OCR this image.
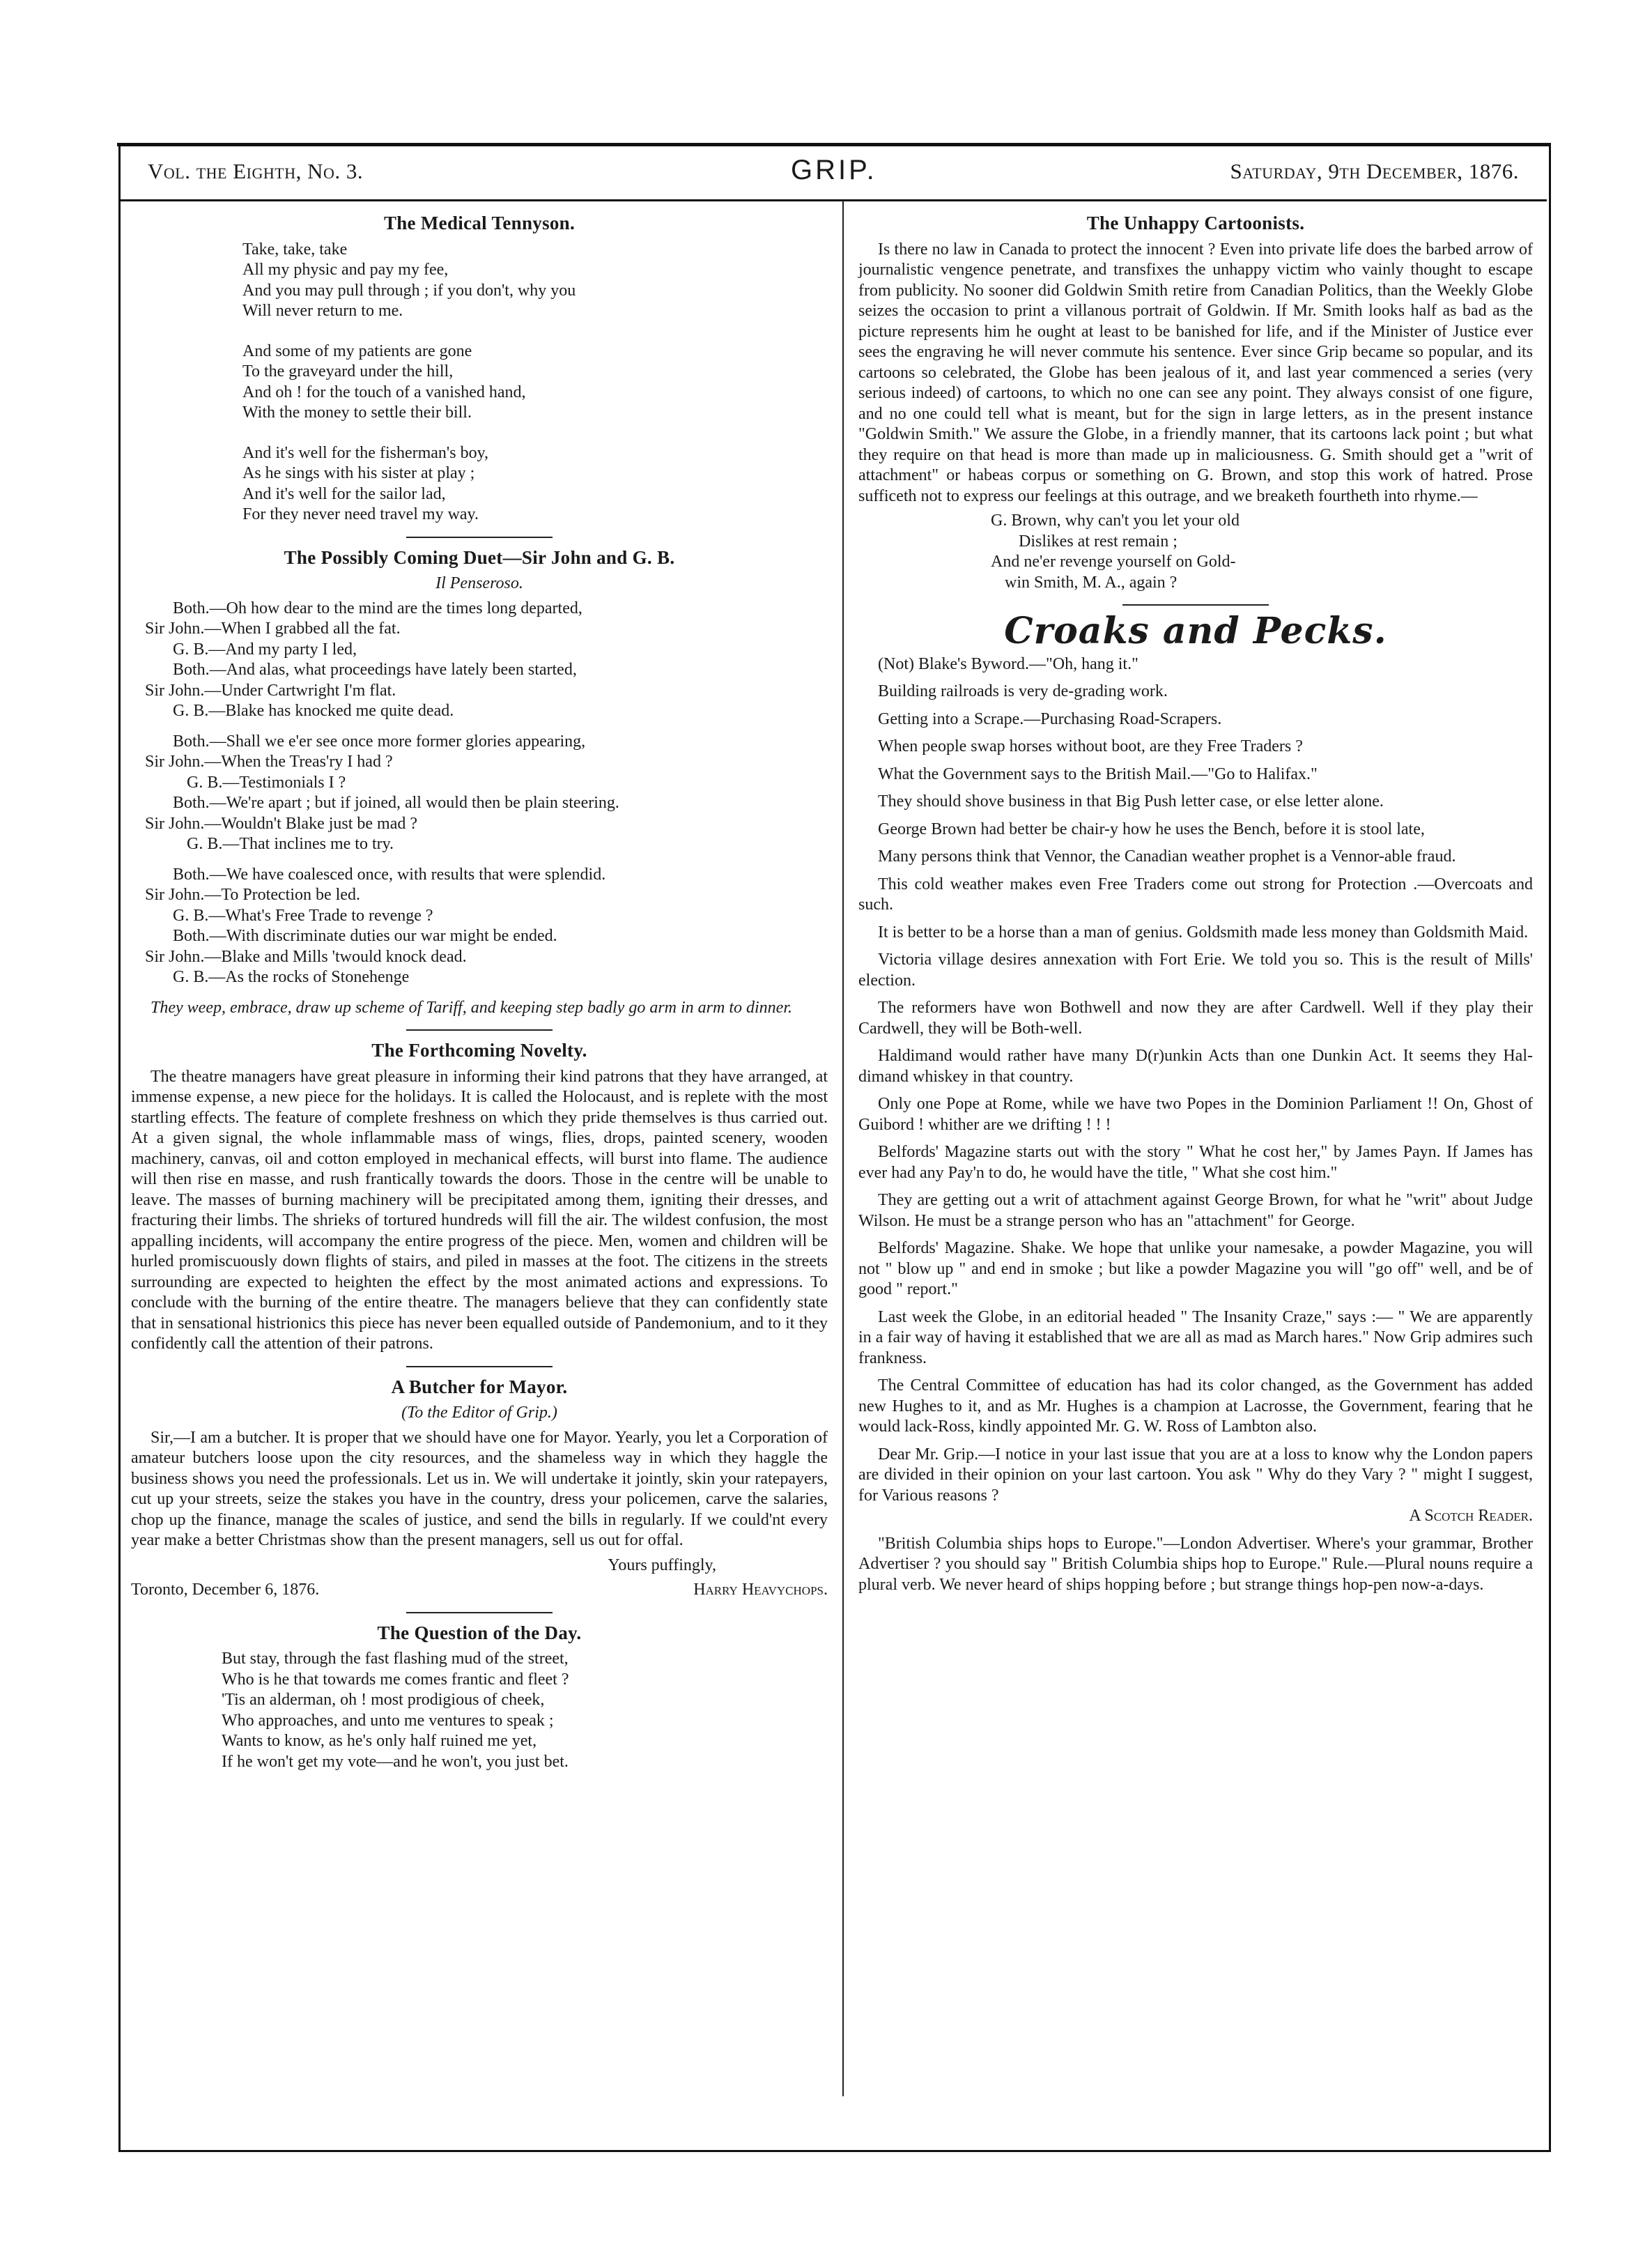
Vol. the Eighth, No. 3.	GRIP.	Saturday, 9th December, 1876.
The Medical Tennyson.
Take, take, take
All my physic and pay my fee,
And you may pull through ; if you don't, why you
Will never return to me.
And some of my patients are gone
To the graveyard under the hill,
And oh ! for the touch of a vanished hand,
With the money to settle their bill.
And it's well for the fisherman's boy,
As he sings with his sister at play ;
And it's well for the sailor lad,
For they never need travel my way.
The Possibly Coming Duet—Sir John and G. B.
Il Penseroso.
Both.—Oh how dear to the mind are the times long departed,
Sir John.—When I grabbed all the fat.
G. B.—And my party I led,
Both.—And alas, what proceedings have lately been started,
Sir John.—Under Cartwright I'm flat.
G. B.—Blake has knocked me quite dead.
Both.—Shall we e'er see once more former glories appearing,
Sir John.—When the Treas'ry I had ?
G. B.—Testimonials I ?
Both.—We're apart ; but if joined, all would then be plain steering.
Sir John.—Wouldn't Blake just be mad ?
G. B.—That inclines me to try.
Both.—We have coalesced once, with results that were splendid.
Sir John.—To Protection be led.
G. B.—What's Free Trade to revenge ?
Both.—With discriminate duties our war might be ended.
Sir John.—Blake and Mills 'twould knock dead.
G. B.—As the rocks of Stonehenge

They weep, embrace, draw up scheme of Tariff, and keeping step badly go arm in arm to dinner.

The Forthcoming Novelty.

The theatre managers have great pleasure in informing their kind patrons that they have arranged, at immense expense, a new piece for the holidays. It is called the Holocaust, and is replete with the most startling effects. The feature of complete freshness on which they pride themselves is thus carried out. At a given signal, the whole inflammable mass of wings, flies, drops, painted scenery, wooden machinery, canvas, oil and cotton employed in mechanical effects, will burst into flame. The audience will then rise en masse, and rush frantically towards the doors. Those in the centre will be unable to leave. The masses of burning machinery will be precipitated among them, igniting their dresses, and fracturing their limbs. The shrieks of tortured hundreds will fill the air. The wildest confusion, the most appalling incidents, will accompany the entire progress of the piece. Men, women and children will be hurled promiscuously down flights of stairs, and piled in masses at the foot. The citizens in the streets surrounding are expected to heighten the effect by the most animated actions and expressions. To conclude with the burning of the entire theatre. The managers believe that they can confidently state that in sensational histrionics this piece has never been equalled outside of Pandemonium, and to it they confidently call the attention of their patrons.

A Butcher for Mayor.
(To the Editor of Grip.)

Sir,—I am a butcher. It is proper that we should have one for Mayor. Yearly, you let a Corporation of amateur butchers loose upon the city resources, and the shameless way in which they haggle the business shows you need the professionals. Let us in. We will undertake it jointly, skin your ratepayers, cut up your streets, seize the stakes you have in the country, dress your policemen, carve the salaries, chop up the finance, manage the scales of justice, and send the bills in regularly. If we could'nt every year make a better Christmas show than the present managers, sell us out for offal.

Yours puffingly,
Toronto, December 6, 1876.	Harry Heavychops.
The Question of the Day.
But stay, through the fast flashing mud of the street,
Who is he that towards me comes frantic and fleet ?
'Tis an alderman, oh ! most prodigious of cheek,
Who approaches, and unto me ventures to speak ;
Wants to know, as he's only half ruined me yet,
If he won't get my vote—and he won't, you just bet.
The Unhappy Cartoonists.

Is there no law in Canada to protect the innocent ? Even into private life does the barbed arrow of journalistic vengence penetrate, and transfixes the unhappy victim who vainly thought to escape from publicity. No sooner did Goldwin Smith retire from Canadian Politics, than the Weekly Globe seizes the occasion to print a villanous portrait of Goldwin. If Mr. Smith looks half as bad as the picture represents him he ought at least to be banished for life, and if the Minister of Justice ever sees the engraving he will never commute his sentence. Ever since Grip became so popular, and its cartoons so celebrated, the Globe has been jealous of it, and last year commenced a series (very serious indeed) of cartoons, to which no one can see any point. They always consist of one figure, and no one could tell what is meant, but for the sign in large letters, as in the present instance "Goldwin Smith." We assure the Globe, in a friendly manner, that its cartoons lack point ; but what they require on that head is more than made up in maliciousness. G. Smith should get a "writ of attachment" or habeas corpus or something on G. Brown, and stop this work of hatred. Prose sufficeth not to express our feelings at this outrage, and we breaketh fourtheth into rhyme.—

G. Brown, why can't you let your old
Dislikes at rest remain ;
And ne'er revenge yourself on Gold-
win Smith, M. A., again ?
Croaks and Pecks.
(Not) Blake's Byword.—"Oh, hang it."
Building railroads is very de-grading work.
Getting into a Scrape.—Purchasing Road-Scrapers.
When people swap horses without boot, are they Free Traders ?
What the Government says to the British Mail.—"Go to Halifax."
They should shove business in that Big Push letter case, or else letter alone.
George Brown had better be chair-y how he uses the Bench, before it is stool late,
Many persons think that Vennor, the Canadian weather prophet is a Vennor-able fraud.
This cold weather makes even Free Traders come out strong for Protection .—Overcoats and such.
It is better to be a horse than a man of genius. Goldsmith made less money than Goldsmith Maid.
Victoria village desires annexation with Fort Erie. We told you so. This is the result of Mills' election.
The reformers have won Bothwell and now they are after Cardwell. Well if they play their Cardwell, they will be Both-well.
Haldimand would rather have many D(r)unkin Acts than one Dunkin Act. It seems they Hal-dimand whiskey in that country.
Only one Pope at Rome, while we have two Popes in the Dominion Parliament !! On, Ghost of Guibord ! whither are we drifting ! ! !
Belfords' Magazine starts out with the story " What he cost her," by James Payn. If James has ever had any Pay'n to do, he would have the title, " What she cost him."
They are getting out a writ of attachment against George Brown, for what he "writ" about Judge Wilson. He must be a strange person who has an "attachment" for George.
Belfords' Magazine. Shake. We hope that unlike your namesake, a powder Magazine, you will not " blow up " and end in smoke ; but like a powder Magazine you will "go off" well, and be of good " report."
Last week the Globe, in an editorial headed " The Insanity Craze," says :— " We are apparently in a fair way of having it established that we are all as mad as March hares." Now Grip admires such frankness.
The Central Committee of education has had its color changed, as the Government has added new Hughes to it, and as Mr. Hughes is a champion at Lacrosse, the Government, fearing that he would lack-Ross, kindly appointed Mr. G. W. Ross of Lambton also.
Dear Mr. Grip.—I notice in your last issue that you are at a loss to know why the London papers are divided in their opinion on your last cartoon. You ask " Why do they Vary ? " might I suggest, for Various reasons ?
A Scotch Reader.
"British Columbia ships hops to Europe."—London Advertiser. Where's your grammar, Brother Advertiser ? you should say " British Columbia ships hop to Europe." Rule.—Plural nouns require a plural verb. We never heard of ships hopping before ; but strange things hop-pen now-a-days.
